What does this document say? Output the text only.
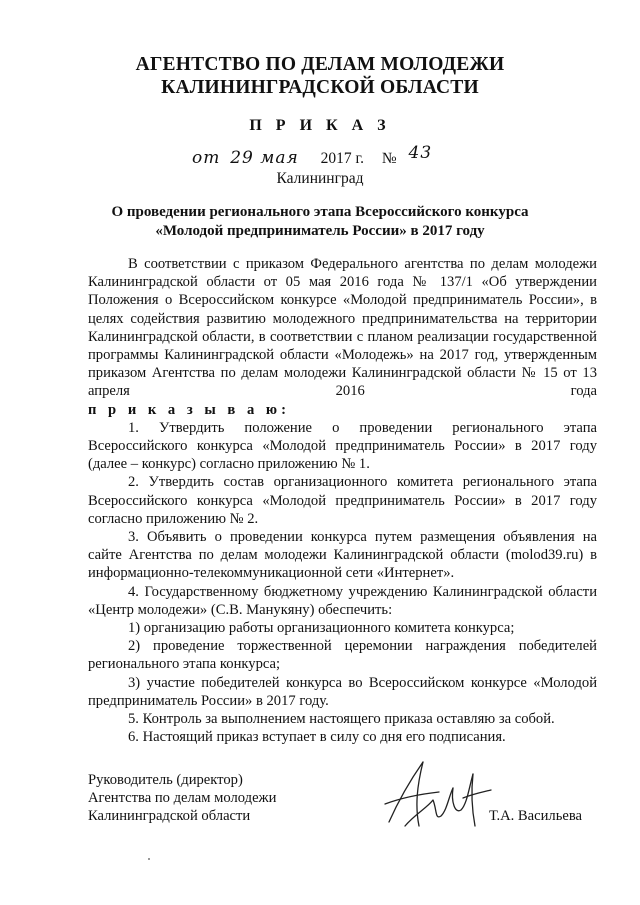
АГЕНТСТВО ПО ДЕЛАМ МОЛОДЕЖИ
КАЛИНИНГРАДСКОЙ ОБЛАСТИ
П Р И К А З
от 29 мая 2017 г. № 43
Калининград
О проведении регионального этапа Всероссийского конкурса
«Молодой предприниматель России» в 2017 году

В соответствии с приказом Федерального агентства по делам молодежи Калининградской области от 05 мая 2016 года № 137/1 «Об утверждении Положения о Всероссийском конкурсе «Молодой предприниматель России», в целях содействия развитию молодежного предпринимательства на территории Калининградской области, в соответствии с планом реализации государственной программы Калининградской области «Молодежь» на 2017 год, утвержденным приказом Агентства по делам молодежи Калининградской области № 15 от 13 апреля 2016 года

п р и к а з ы в а ю:

1. Утвердить положение о проведении регионального этапа Всероссийского конкурса «Молодой предприниматель России» в 2017 году (далее – конкурс) согласно приложению № 1.

2. Утвердить состав организационного комитета регионального этапа Всероссийского конкурса «Молодой предприниматель России» в 2017 году согласно приложению № 2.

3. Объявить о проведении конкурса путем размещения объявления на сайте Агентства по делам молодежи Калининградской области (molod39.ru) в информационно-телекоммуникационной сети «Интернет».

4. Государственному бюджетному учреждению Калининградской области «Центр молодежи» (С.В. Манукяну) обеспечить:

1) организацию работы организационного комитета конкурса;

2) проведение торжественной церемонии награждения победителей регионального этапа конкурса;

3) участие победителей конкурса во Всероссийском конкурсе «Молодой предприниматель России» в 2017 году.

5. Контроль за выполнением настоящего приказа оставляю за собой.

6. Настоящий приказ вступает в силу со дня его подписания.

Руководитель (директор)
Агентства по делам молодежи
Калининградской области	Т.А. Васильева
